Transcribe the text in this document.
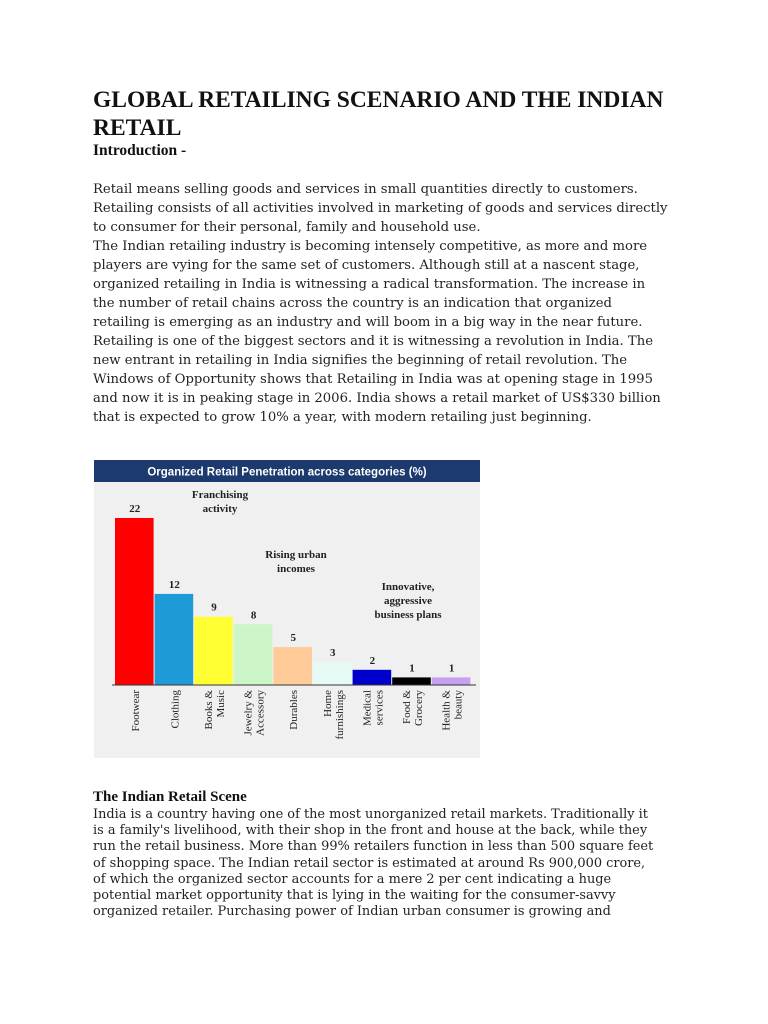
GLOBAL RETAILING SCENARIO AND THE INDIAN RETAIL
Introduction -

Retail means selling goods and services in small quantities directly to customers.
Retailing consists of all activities involved in marketing of goods and services directly
to consumer for their personal, family and household use.
The Indian retailing industry is becoming intensely competitive, as more and more
players are vying for the same set of customers. Although still at a nascent stage,
organized retailing in India is witnessing a radical transformation. The increase in
the number of retail chains across the country is an indication that organized
retailing is emerging as an industry and will boom in a big way in the near future.
Retailing is one of the biggest sectors and it is witnessing a revolution in India. The
new entrant in retailing in India signifies the beginning of retail revolution. The
Windows of Opportunity shows that Retailing in India was at opening stage in 1995
and now it is in peaking stage in 2006. India shows a retail market of US$330 billion
that is expected to grow 10% a year, with modern retailing just beginning.

Organized Retail Penetration across categories (%)
Franchising activity
Rising urban incomes
Innovative, aggressive business plans
22
Footwear
12
Clothing
9
Books &Music
8
Jewelry &Accessory
5
Durables
3
Homefurnishings
2
Medicalservices
1
Food &Grocery
1
Health &beauty
The Indian Retail Scene

India is a country having one of the most unorganized retail markets. Traditionally it
is a family's livelihood, with their shop in the front and house at the back, while they
run the retail business. More than 99% retailers function in less than 500 square feet
of shopping space. The Indian retail sector is estimated at around Rs 900,000 crore,
of which the organized sector accounts for a mere 2 per cent indicating a huge
potential market opportunity that is lying in the waiting for the consumer-savvy
organized retailer. Purchasing power of Indian urban consumer is growing and
